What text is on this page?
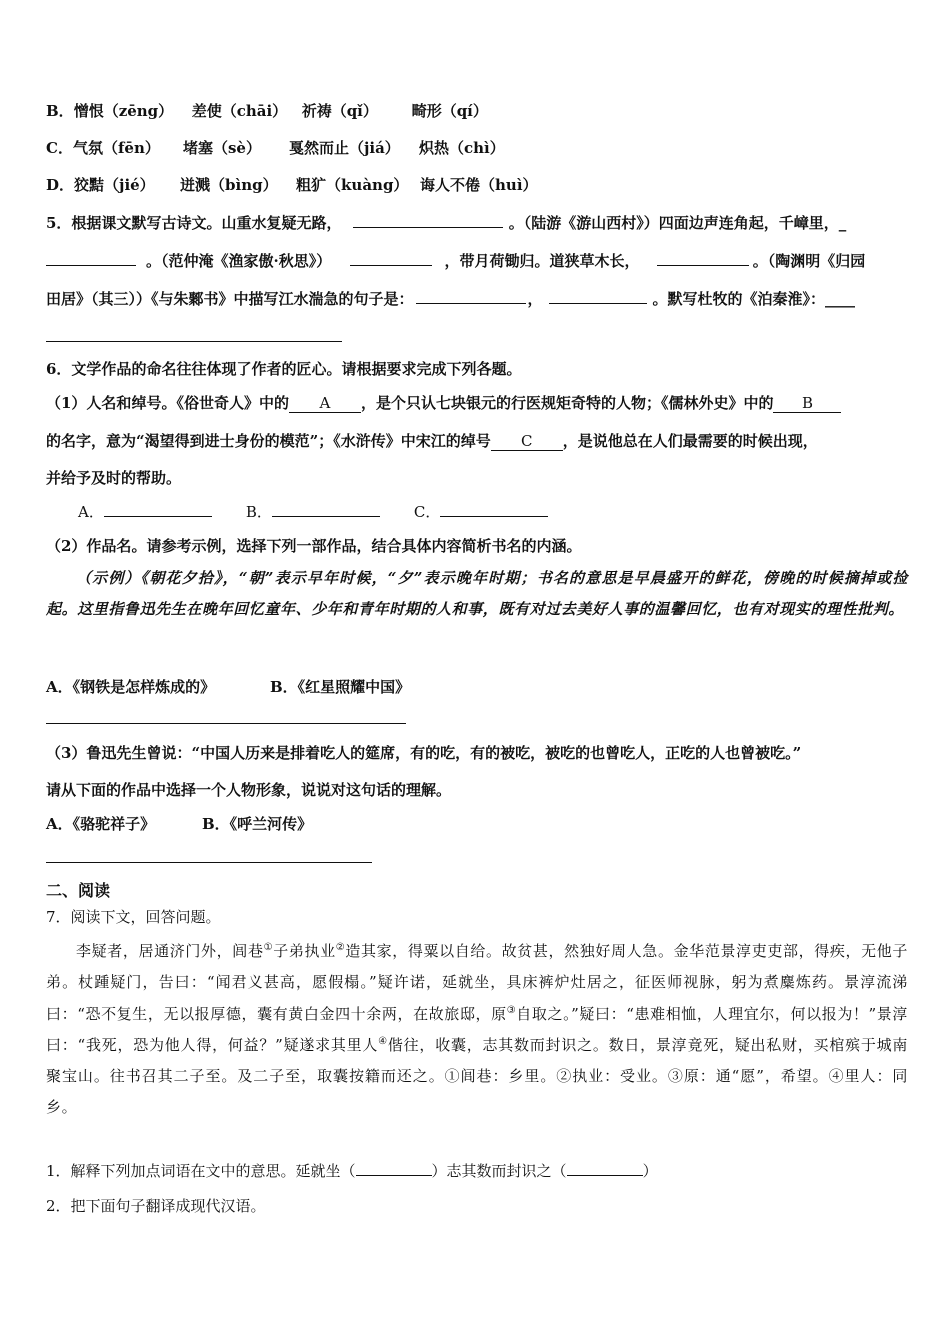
B．憎恨（zēng） 差使（chāi） 祈祷（qǐ） 畸形（qí）
C．气氛（fēn） 堵塞（sè） 戛然而止（jiá） 炽热（chì）
D．狡黠（jié） 迸溅（bìng） 粗犷（kuàng） 诲人不倦（huì）
5．根据课文默写古诗文。山重水复疑无路，	。（陆游《游山西村》）四面边声连角起，千嶂里，_
。（范仲淹《渔家傲·秋思》）	，带月荷锄归。道狭草木长，	。（陶渊明《归园
田居》（其三））《与朱鄹书》中描写江水湍急的句子是：	，	。默写杜牧的《泊秦淮》：____
6．文学作品的命名往往体现了作者的匠心。请根据要求完成下列各题。
（1）人名和绰号。《俗世奇人》中的 A ，是个只认七块银元的行医规矩奇特的人物；《儒林外史》中的 B
的名字，意为“渴望得到进士身份的模范”；《水浒传》中宋江的绰号 C ，是说他总在人们最需要的时候出现，
并给予及时的帮助。
A．	B．	C．
（2）作品名。请参考示例，选择下列一部作品，结合具体内容简析书名的内涵。
（示例）《朝花夕拾》，“朝”表示早年时候，“夕”表示晚年时期；书名的意思是早晨盛开的鲜花，傍晚的时候摘掉或捡起。这里指鲁迅先生在晚年回忆童年、少年和青年时期的人和事，既有对过去美好人事的温馨回忆，也有对现实的理性批判。
A．《钢铁是怎样炼成的》	B．《红星照耀中国》
（3）鲁迅先生曾说：“中国人历来是排着吃人的筵席，有的吃，有的被吃，被吃的也曾吃人，正吃的人也曾被吃。”
请从下面的作品中选择一个人物形象，说说对这句话的理解。
A．《骆驼祥子》	B．《呼兰河传》
二、阅读
7．阅读下文，回答问题。
李疑者，居通济门外，闾巷①子弟执业②造其家，得粟以自给。故贫甚，然独好周人急。金华范景淳吏吏部，得疾，无他子弟。杖踵疑门，告曰：“闻君义甚高，愿假榻。”疑许诺，延就坐，具床裤炉灶居之，征医师视脉，躬为煮麋炼药。景淳流涕曰：“恐不复生，无以报厚德，囊有黄白金四十余两，在故旅邸，原③自取之。”疑曰：“患难相恤，人理宜尔，何以报为！”景淳曰：“我死，恐为他人得，何益？”疑遂求其里人④偕往，收囊，志其数而封识之。数日，景淳竟死，疑出私财，买棺殡于城南聚宝山。往书召其二子至。及二子至，取囊按籍而还之。①闾巷：乡里。②执业：受业。③原：通“愿”，希望。④里人：同乡。
1．解释下列加点词语在文中的意思。延就坐（	）志其数而封识之（	）
2．把下面句子翻译成现代汉语。
